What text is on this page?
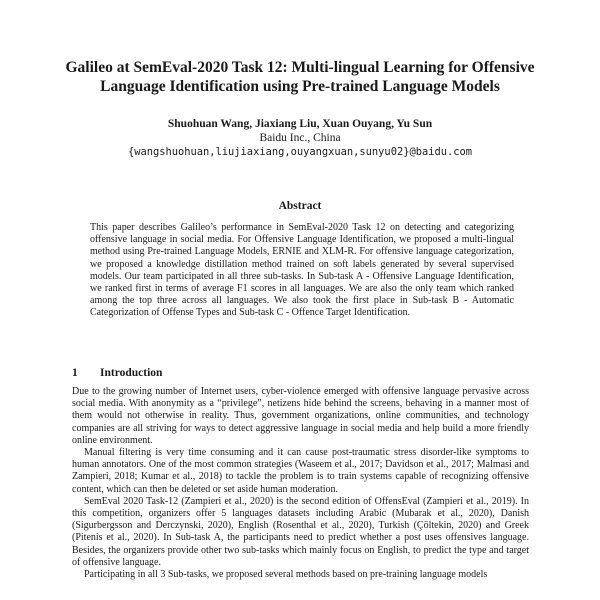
Galileo at SemEval-2020 Task 12: Multi-lingual Learning for Offensive
Language Identification using Pre-trained Language Models
Shuohuan Wang, Jiaxiang Liu, Xuan Ouyang, Yu Sun
Baidu Inc., China
{wangshuohuan,liujiaxiang,ouyangxuan,sunyu02}@baidu.com
Abstract
This paper describes Galileo’s performance in SemEval-2020 Task 12 on detecting and categorizing offensive language in social media. For Offensive Language Identification, we proposed a multi-lingual method using Pre-trained Language Models, ERNIE and XLM-R. For offensive language categorization, we proposed a knowledge distillation method trained on soft labels generated by several supervised models. Our team participated in all three sub-tasks. In Sub-task A - Offensive Language Identification, we ranked first in terms of average F1 scores in all languages. We are also the only team which ranked among the top three across all languages. We also took the first place in Sub-task B - Automatic Categorization of Offense Types and Sub-task C - Offence Target Identification.
1 Introduction

Due to the growing number of Internet users, cyber-violence emerged with offensive language pervasive across social media. With anonymity as a “privilege”, netizens hide behind the screens, behaving in a manner most of them would not otherwise in reality. Thus, government organizations, online communities, and technology companies are all striving for ways to detect aggressive language in social media and help build a more friendly online environment.

Manual filtering is very time consuming and it can cause post-traumatic stress disorder-like symptoms to human annotators. One of the most common strategies (Waseem et al., 2017; Davidson et al., 2017; Malmasi and Zampieri, 2018; Kumar et al., 2018) to tackle the problem is to train systems capable of recognizing offensive content, which can then be deleted or set aside human moderation.

SemEval 2020 Task-12 (Zampieri et al., 2020) is the second edition of OffensEval (Zampieri et al., 2019). In this competition, organizers offer 5 languages datasets including Arabic (Mubarak et al., 2020), Danish (Sigurbergsson and Derczynski, 2020), English (Rosenthal et al., 2020), Turkish (Çöltekin, 2020) and Greek (Pitenis et al., 2020). In Sub-task A, the participants need to predict whether a post uses offensives language. Besides, the organizers provide other two sub-tasks which mainly focus on English, to predict the type and target of offensive language.

Participating in all 3 Sub-tasks, we proposed several methods based on pre-training language models
